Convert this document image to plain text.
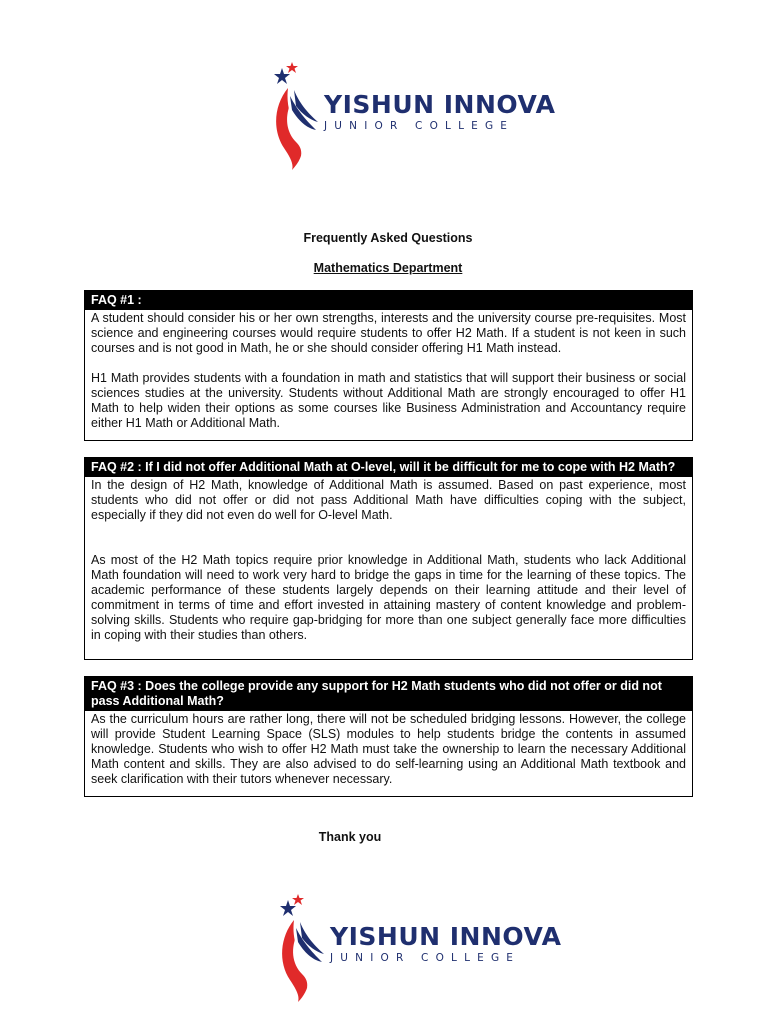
YISHUN INNOVA
JUNIOR COLLEGE
Frequently Asked Questions
Mathematics Department
FAQ #1 :

A student should consider his or her own strengths, interests and the university course pre-requisites. Most science and engineering courses would require students to offer H2 Math. If a student is not keen in such courses and is not good in Math, he or she should consider offering H1 Math instead.

H1 Math provides students with a foundation in math and statistics that will support their business or social sciences studies at the university. Students without Additional Math are strongly encouraged to offer H1 Math to help widen their options as some courses like Business Administration and Accountancy require either H1 Math or Additional Math.

FAQ #2 : If I did not offer Additional Math at O-level, will it be difficult for me to cope with H2 Math?

In the design of H2 Math, knowledge of Additional Math is assumed. Based on past experience, most students who did not offer or did not pass Additional Math have difficulties coping with the subject, especially if they did not even do well for O-level Math.

As most of the H2 Math topics require prior knowledge in Additional Math, students who lack Additional Math foundation will need to work very hard to bridge the gaps in time for the learning of these topics. The academic performance of these students largely depends on their learning attitude and their level of commitment in terms of time and effort invested in attaining mastery of content knowledge and problem-solving skills. Students who require gap-bridging for more than one subject generally face more difficulties in coping with their studies than others.

FAQ #3 : Does the college provide any support for H2 Math students who did not offer or did not pass Additional Math?

As the curriculum hours are rather long, there will not be scheduled bridging lessons. However, the college will provide Student Learning Space (SLS) modules to help students bridge the contents in assumed knowledge. Students who wish to offer H2 Math must take the ownership to learn the necessary Additional Math content and skills. They are also advised to do self-learning using an Additional Math textbook and seek clarification with their tutors whenever necessary.

Thank you
YISHUN INNOVA
JUNIOR COLLEGE
